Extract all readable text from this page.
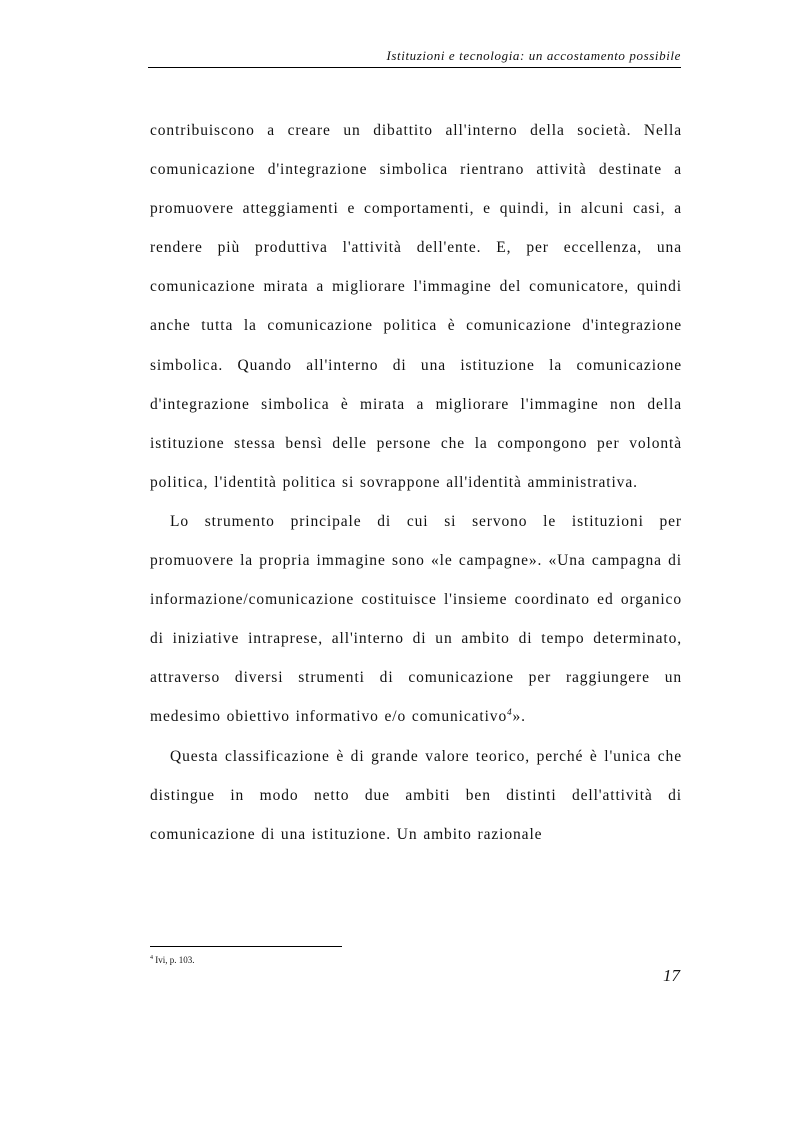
Istituzioni e tecnologia: un accostamento possibile

contribuiscono a creare un dibattito all'interno della società. Nella comunicazione d'integrazione simbolica rientrano attività destinate a promuovere atteggiamenti e comportamenti, e quindi, in alcuni casi, a rendere più produttiva l'attività dell'ente. E, per eccellenza, una comunicazione mirata a migliorare l'immagine del comunicatore, quindi anche tutta la comunicazione politica è comunicazione d'integrazione simbolica. Quando all'interno di una istituzione la comunicazione d'integrazione simbolica è mirata a migliorare l'immagine non della istituzione stessa bensì delle persone che la compongono per volontà politica, l'identità politica si sovrappone all'identità amministrativa.

Lo strumento principale di cui si servono le istituzioni per promuovere la propria immagine sono «le campagne». «Una campagna di informazione/comunicazione costituisce l'insieme coordinato ed organico di iniziative intraprese, all'interno di un ambito di tempo determinato, attraverso diversi strumenti di comunicazione per raggiungere un medesimo obiettivo informativo e/o comunicativo$^4$».

Questa classificazione è di grande valore teorico, perché è l'unica che distingue in modo netto due ambiti ben distinti dell'attività di comunicazione di una istituzione. Un ambito razionale

$^4$ Ivi, p. 103.
17
